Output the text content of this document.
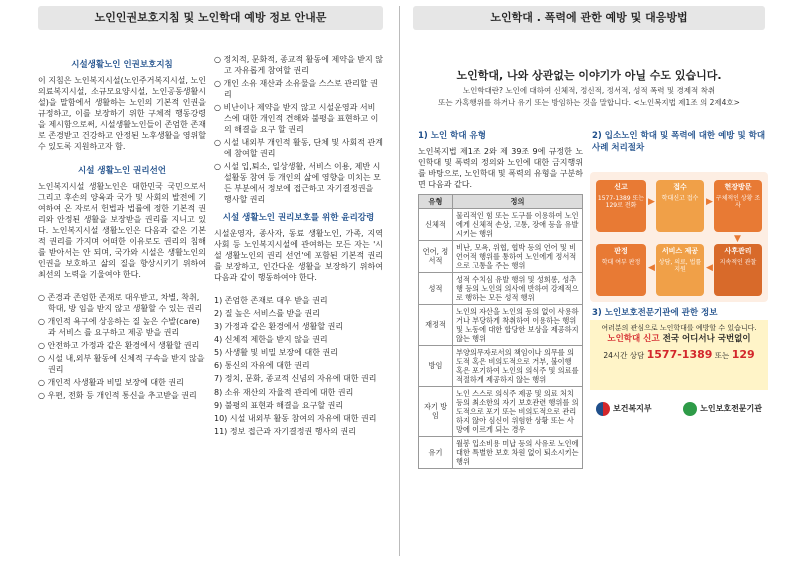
노인인권보호지침 및 노인학대 예방 정보 안내문	노인학대 . 폭력에 관한 예방 및 대응방법
시설생활노인 인권보호지침

이 지침은 노인복지시설(노인주거복지시설, 노인의료복지시설, 소규모요양시설, 노인공동생활시설)을 말함에서 생활하는 노인의 기본적 인권을 규정하고, 이를 보장하기 위한 구체적 행동강령을 제시함으로써, 시설생활노인들이 존엄한 존재로 존경받고 건강하고 안정된 노후생활을 영위할 수 있도록 지원하고자 함.

시설 생활노인 권리선언

노인복지시설 생활노인은 대한민국 국민으로서 그리고 후손의 양육과 국가 및 사회의 발전에 기여하여 온 자로서 헌법과 법률에 정한 기본적 권리와 안정된 생활을 보장받을 권리를 지니고 있다. 노인복지시설 생활노인은 다음과 같은 기본적 권리를 가지며 어떠한 이유로도 권리의 침해를 받아서는 안 되며, 국가와 시설은 생활노인의 인권을 보호하고 삶의 질을 향상시키기 위하여 최선의 노력을 기울여야 한다.

○ 존경과 존엄한 존재로 대우받고, 차별, 착취, 학대, 방 임을 받지 않고 생활할 수 있는 권리
○ 개인적 욕구에 상응하는 질 높은 수발(care)과 서비스 를 요구하고 제공 받을 권리
○ 안전하고 가정과 같은 환경에서 생활할 권리
○ 시설 내,외부 활동에 신체적 구속을 받지 않을 권리
○ 개인적 사생활과 비밀 보장에 대한 권리
○ 우편, 전화 등 개인적 통신을 추고받을 권리
○ 정치적, 문화적, 종교적 활동에 제약을 받지 않고 자유롭게 참여할 권리
○ 개인 소유 재산과 소유물을 스스로 관리할 권리
○ 비난이나 제약을 받지 않고 시설운영과 서비스에 대한 개인적 견해와 불평을 표현하고 이의 해결을 요구 할 권리
○ 시설 내외부 개인적 활동, 단체 및 사회적 관계에 참여할 권리
○ 시설 입,퇴소, 일상생활, 서비스 이용, 제반 시설활동 참여 등 개인의 삶에 영향을 미치는 모든 부분에서 정보에 접근하고 자기결정권을 행사할 권리
시설 생활노인 권리보호를 위한 윤리강령

시설운영자, 종사자, 동료 생활노인, 가족, 지역사회 등 노인복지시설에 관여하는 모든 자는 '시설 생활노인의 권리 선언'에 포함된 기본적 권리를 보장하고, 인간다운 생활을 보장하기 위하여 다음과 같이 행동하여야 한다.

1) 존엄한 존재로 대우 받을 권리
2) 질 높은 서비스를 받을 권리
3) 가정과 같은 환경에서 생활할 권리
4) 신체적 제한을 받지 않을 권리
5) 사생활 및 비밀 보장에 대한 권리
6) 통신의 자유에 대한 권리
7) 정치, 문화, 종교적 신념의 자유에 대한 권리
8) 소유 재산의 자율적 관리에 대한 권리
9) 불평의 표현과 해결을 요구할 권리
10) 시설 내외부 활동 참여의 자유에 대한 권리
11) 정보 접근과 자기결정권 행사의 권리
노인학대, 나와 상관없는 이야기가 아닐 수도 있습니다.
노인학대란? 노인에 대하여 신체적, 정신적, 정서적, 성적 폭력 및 경제적 착취
또는 가혹행위를 하거나 유기 또는 방임하는 것을 말합니다. <노인복지법 제1조 의 2제4호>
1) 노인 학대 유형

노인복지법 제1조 2와 제 39조 9에 규정한 노인학대 및 폭력의 정의와 노인에 대한 금지행위를 바탕으로, 노인학대 및 폭력의 유형을 구분하면 다음과 같다.

유형	정의
신체적	물리적인 힘 또는 도구를 이용하여 노인에게 신체적 손상, 고통, 장애 등을 유발시키는 행위
언어, 정서적	비난, 모욕, 위협, 협박 등의 언어 및 비언어적 행위를 통하여 노인에게 정서적으로 고통을 주는 행위
성적	성적 수치심 유발 행위 및 성희롱, 성추행 등의 노인의 의사에 반하여 강제적으로 행하는 모든 성적 행위
재정적	노인의 자산을 노인의 동의 없이 사용하거나 부당하게 착취하여 이용하는 행위 및 노동에 대한 합당한 보상을 제공하지 않는 행위
방임	부양의무자로서의 책임이나 의무를 의도적 혹은 비의도적으로 거부, 불이행 혹은 포기하여 노인의 의식주 및 의료를 적절하게 제공하지 않는 행위
자기 방임	노인 스스로 의식주 제공 및 의료 처치 등의 최소한의 자기 보호관련 행위를 의도적으로 포기 또는 비의도적으로 관리하지 않아 심신이 위험한 상황 또는 사망에 이르게 되는 경우
유기	월봉 입소비용 미납 등의 사유로 노인에 대한 특별한 보호 차원 없이 퇴소시키는 행위
2) 입소노인 학대 및 폭력에 대한 예방 및 학대 사례 처리절차
신고
1577-1389 또는 129로 전화	▶
접수
학대신고 접수 ▶
현장방문
구체적인 상황 조사
▼
사후관리
지속적인 관찰
◀
서비스 제공
상담, 의료, 법률 지원
◀
판정
학대 여부 판정
3) 노인보호전문기관에 관한 정보
여러분의 관심으로 노인학대를 예방할 수 있습니다.
노인학대 신고 전국 어디서나 국번없이
24시간 상담 1577-1389 또는 129
보건복지부	노인보호전문기관
